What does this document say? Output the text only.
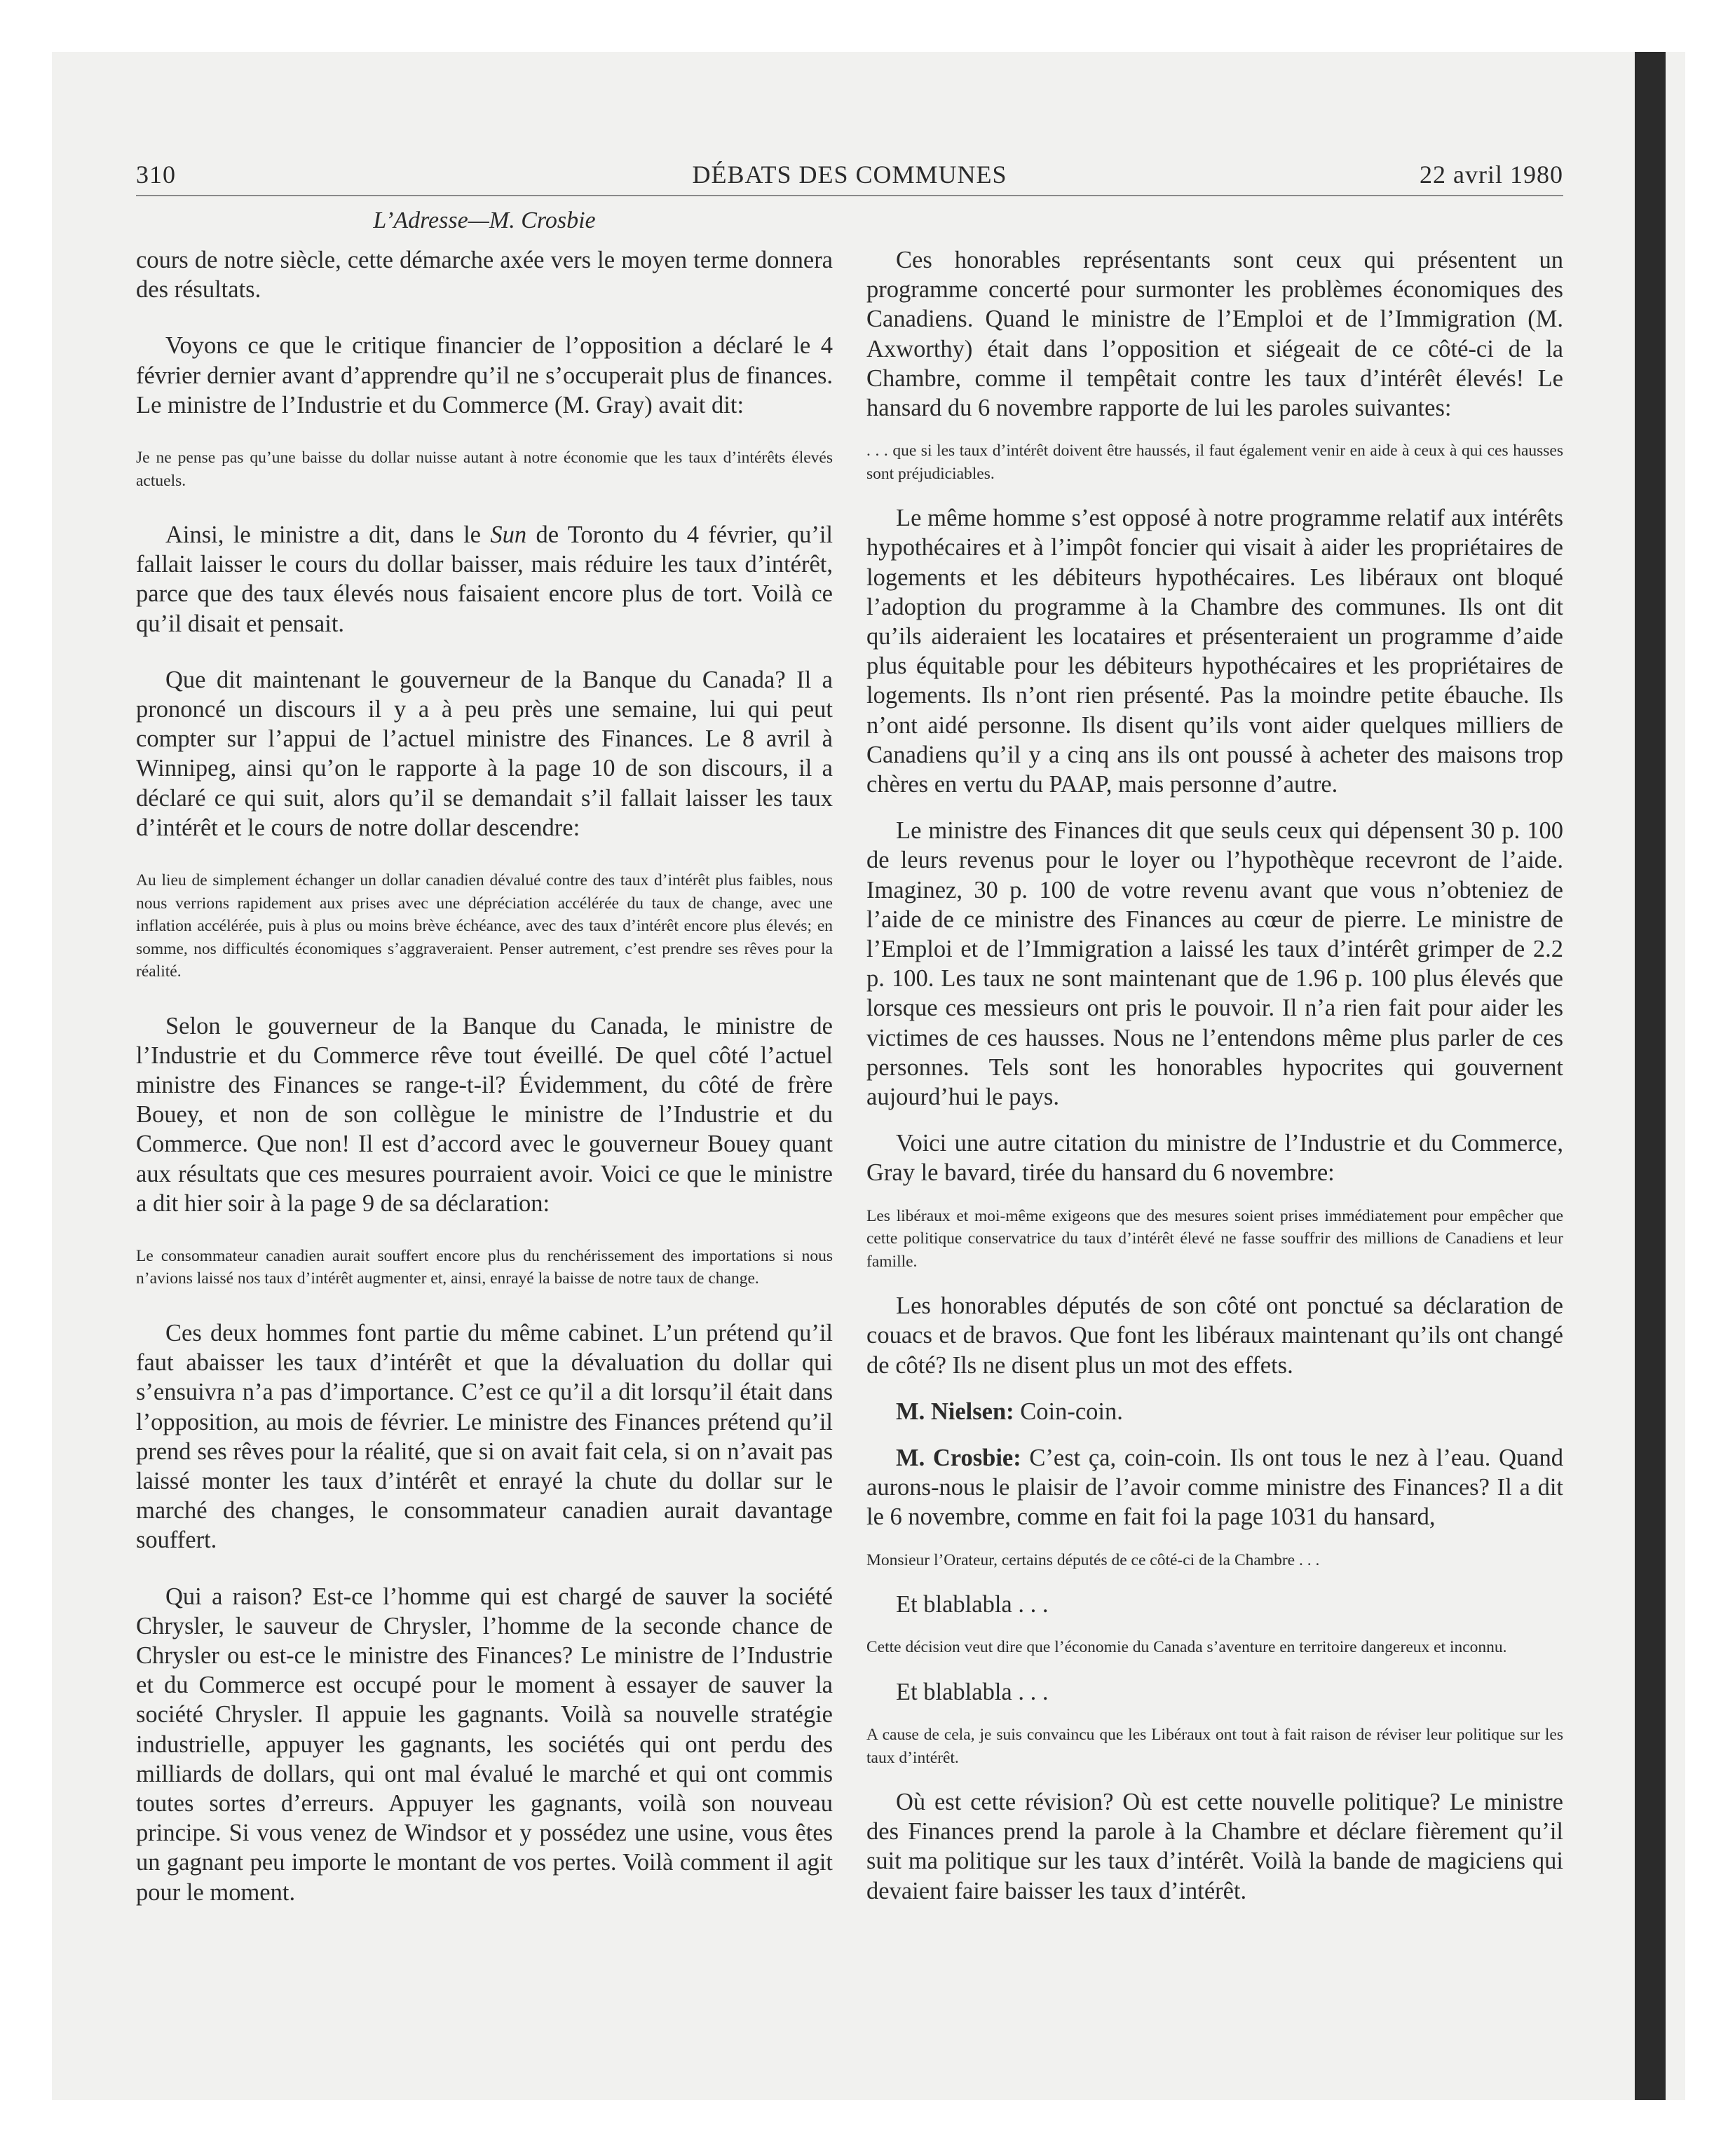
310	DÉBATS DES COMMUNES	22 avril 1980
L’Adresse—M. Crosbie

cours de notre siècle, cette démarche axée vers le moyen terme donnera des résultats.

Voyons ce que le critique financier de l’opposition a déclaré le 4 février dernier avant d’apprendre qu’il ne s’occuperait plus de finances. Le ministre de l’Industrie et du Commerce (M. Gray) avait dit:

Je ne pense pas qu’une baisse du dollar nuisse autant à notre économie que les taux d’intérêts élevés actuels.

Ainsi, le ministre a dit, dans le Sun de Toronto du 4 février, qu’il fallait laisser le cours du dollar baisser, mais réduire les taux d’intérêt, parce que des taux élevés nous faisaient encore plus de tort. Voilà ce qu’il disait et pensait.

Que dit maintenant le gouverneur de la Banque du Canada? Il a prononcé un discours il y a à peu près une semaine, lui qui peut compter sur l’appui de l’actuel ministre des Finances. Le 8 avril à Winnipeg, ainsi qu’on le rapporte à la page 10 de son discours, il a déclaré ce qui suit, alors qu’il se demandait s’il fallait laisser les taux d’intérêt et le cours de notre dollar descendre:

Au lieu de simplement échanger un dollar canadien dévalué contre des taux d’intérêt plus faibles, nous nous verrions rapidement aux prises avec une dépréciation accélérée du taux de change, avec une inflation accélérée, puis à plus ou moins brève échéance, avec des taux d’intérêt encore plus élevés; en somme, nos difficultés économiques s’aggraveraient. Penser autrement, c’est prendre ses rêves pour la réalité.

Selon le gouverneur de la Banque du Canada, le ministre de l’Industrie et du Commerce rêve tout éveillé. De quel côté l’actuel ministre des Finances se range-t-il? Évidemment, du côté de frère Bouey, et non de son collègue le ministre de l’Industrie et du Commerce. Que non! Il est d’accord avec le gouverneur Bouey quant aux résultats que ces mesures pourraient avoir. Voici ce que le ministre a dit hier soir à la page 9 de sa déclaration:

Le consommateur canadien aurait souffert encore plus du renchérissement des importations si nous n’avions laissé nos taux d’intérêt augmenter et, ainsi, enrayé la baisse de notre taux de change.

Ces deux hommes font partie du même cabinet. L’un prétend qu’il faut abaisser les taux d’intérêt et que la dévaluation du dollar qui s’ensuivra n’a pas d’importance. C’est ce qu’il a dit lorsqu’il était dans l’opposition, au mois de février. Le ministre des Finances prétend qu’il prend ses rêves pour la réalité, que si on avait fait cela, si on n’avait pas laissé monter les taux d’intérêt et enrayé la chute du dollar sur le marché des changes, le consommateur canadien aurait davantage souffert.

Qui a raison? Est-ce l’homme qui est chargé de sauver la société Chrysler, le sauveur de Chrysler, l’homme de la seconde chance de Chrysler ou est-ce le ministre des Finances? Le ministre de l’Industrie et du Commerce est occupé pour le moment à essayer de sauver la société Chrysler. Il appuie les gagnants. Voilà sa nouvelle stratégie industrielle, appuyer les gagnants, les sociétés qui ont perdu des milliards de dollars, qui ont mal évalué le marché et qui ont commis toutes sortes d’erreurs. Appuyer les gagnants, voilà son nouveau principe. Si vous venez de Windsor et y possédez une usine, vous êtes un gagnant peu importe le montant de vos pertes. Voilà comment il agit pour le moment.

Ces honorables représentants sont ceux qui présentent un programme concerté pour surmonter les problèmes économiques des Canadiens. Quand le ministre de l’Emploi et de l’Immigration (M. Axworthy) était dans l’opposition et siégeait de ce côté-ci de la Chambre, comme il tempêtait contre les taux d’intérêt élevés! Le hansard du 6 novembre rapporte de lui les paroles suivantes:

. . . que si les taux d’intérêt doivent être haussés, il faut également venir en aide à ceux à qui ces hausses sont préjudiciables.

Le même homme s’est opposé à notre programme relatif aux intérêts hypothécaires et à l’impôt foncier qui visait à aider les propriétaires de logements et les débiteurs hypothécaires. Les libéraux ont bloqué l’adoption du programme à la Chambre des communes. Ils ont dit qu’ils aideraient les locataires et présenteraient un programme d’aide plus équitable pour les débiteurs hypothécaires et les propriétaires de logements. Ils n’ont rien présenté. Pas la moindre petite ébauche. Ils n’ont aidé personne. Ils disent qu’ils vont aider quelques milliers de Canadiens qu’il y a cinq ans ils ont poussé à acheter des maisons trop chères en vertu du PAAP, mais personne d’autre.

Le ministre des Finances dit que seuls ceux qui dépensent 30 p. 100 de leurs revenus pour le loyer ou l’hypothèque recevront de l’aide. Imaginez, 30 p. 100 de votre revenu avant que vous n’obteniez de l’aide de ce ministre des Finances au cœur de pierre. Le ministre de l’Emploi et de l’Immigration a laissé les taux d’intérêt grimper de 2.2 p. 100. Les taux ne sont maintenant que de 1.96 p. 100 plus élevés que lorsque ces messieurs ont pris le pouvoir. Il n’a rien fait pour aider les victimes de ces hausses. Nous ne l’entendons même plus parler de ces personnes. Tels sont les honorables hypocrites qui gouvernent aujourd’hui le pays.

Voici une autre citation du ministre de l’Industrie et du Commerce, Gray le bavard, tirée du hansard du 6 novembre:

Les libéraux et moi-même exigeons que des mesures soient prises immédiatement pour empêcher que cette politique conservatrice du taux d’intérêt élevé ne fasse souffrir des millions de Canadiens et leur famille.

Les honorables députés de son côté ont ponctué sa déclaration de couacs et de bravos. Que font les libéraux maintenant qu’ils ont changé de côté? Ils ne disent plus un mot des effets.

M. Nielsen: Coin-coin.

M. Crosbie: C’est ça, coin-coin. Ils ont tous le nez à l’eau. Quand aurons-nous le plaisir de l’avoir comme ministre des Finances? Il a dit le 6 novembre, comme en fait foi la page 1031 du hansard,

Monsieur l’Orateur, certains députés de ce côté-ci de la Chambre . . .

Et blablabla . . .

Cette décision veut dire que l’économie du Canada s’aventure en territoire dangereux et inconnu.

Et blablabla . . .

A cause de cela, je suis convaincu que les Libéraux ont tout à fait raison de réviser leur politique sur les taux d’intérêt.

Où est cette révision? Où est cette nouvelle politique? Le ministre des Finances prend la parole à la Chambre et déclare fièrement qu’il suit ma politique sur les taux d’intérêt. Voilà la bande de magiciens qui devaient faire baisser les taux d’intérêt.
